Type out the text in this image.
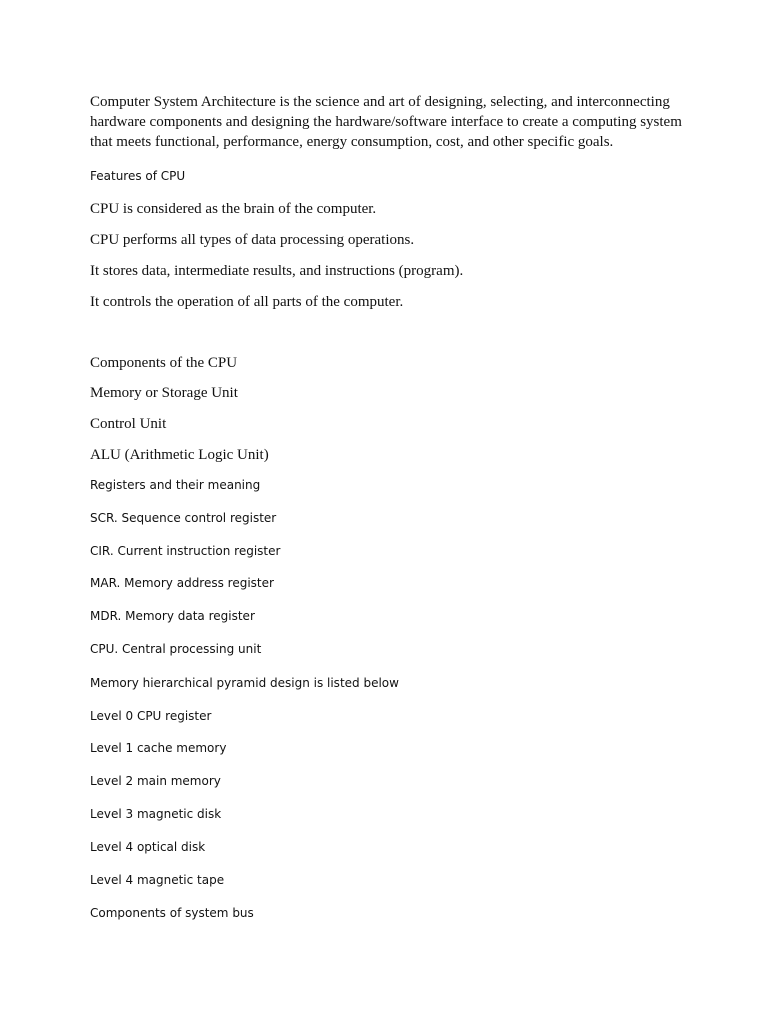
Computer System Architecture is the science and art of designing, selecting, and interconnecting hardware components and designing the hardware/software interface to create a computing system that meets functional, performance, energy consumption, cost, and other specific goals.
Features of CPU
CPU is considered as the brain of the computer.
CPU performs all types of data processing operations.
It stores data, intermediate results, and instructions (program).
It controls the operation of all parts of the computer.
Components of the CPU
Memory or Storage Unit
Control Unit
ALU (Arithmetic Logic Unit)
Registers and their meaning
SCR. Sequence control register
CIR. Current instruction register
MAR. Memory address register
MDR. Memory data register
CPU. Central processing unit
Memory hierarchical pyramid design is listed below
Level 0 CPU register
Level 1 cache memory
Level 2 main memory
Level 3 magnetic disk
Level 4 optical disk
Level 4 magnetic tape
Components of system bus
